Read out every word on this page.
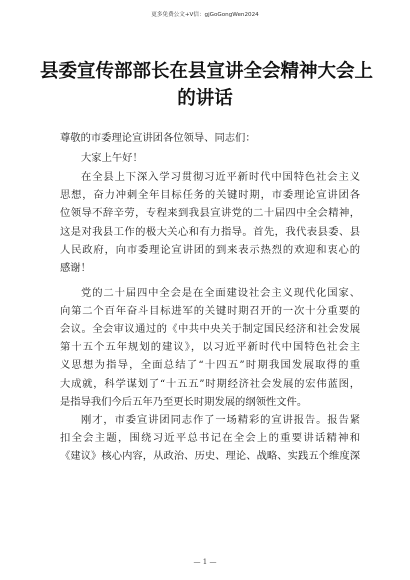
更多免费公文+V信：gjGoGongWen2024
县委宣传部部长在县宣讲全会精神大会上
的讲话
尊敬的市委理论宣讲团各位领导、同志们：
大家上午好！
在全县上下深入学习贯彻习近平新时代中国特色社会主义
思想，奋力冲刺全年目标任务的关键时期，市委理论宣讲团各
位领导不辞辛劳，专程来到我县宣讲党的二十届四中全会精神，
这是对我县工作的极大关心和有力指导。首先，我代表县委、县
人民政府，向市委理论宣讲团的到来表示热烈的欢迎和衷心的
感谢！
党的二十届四中全会是在全面建设社会主义现代化国家、
向第二个百年奋斗目标进军的关键时期召开的一次十分重要的
会议。全会审议通过的《中共中央关于制定国民经济和社会发展
第十五个五年规划的建议》，以习近平新时代中国特色社会主
义思想为指导，全面总结了“十四五”时期我国发展取得的重
大成就，科学谋划了“十五五”时期经济社会发展的宏伟蓝图，
是指导我们今后五年乃至更长时期发展的纲领性文件。
刚才，市委宣讲团同志作了一场精彩的宣讲报告。报告紧
扣全会主题，围绕习近平总书记在全会上的重要讲话精神和
《建议》核心内容，从政治、历史、理论、战略、实践五个维度深
— 1 —
